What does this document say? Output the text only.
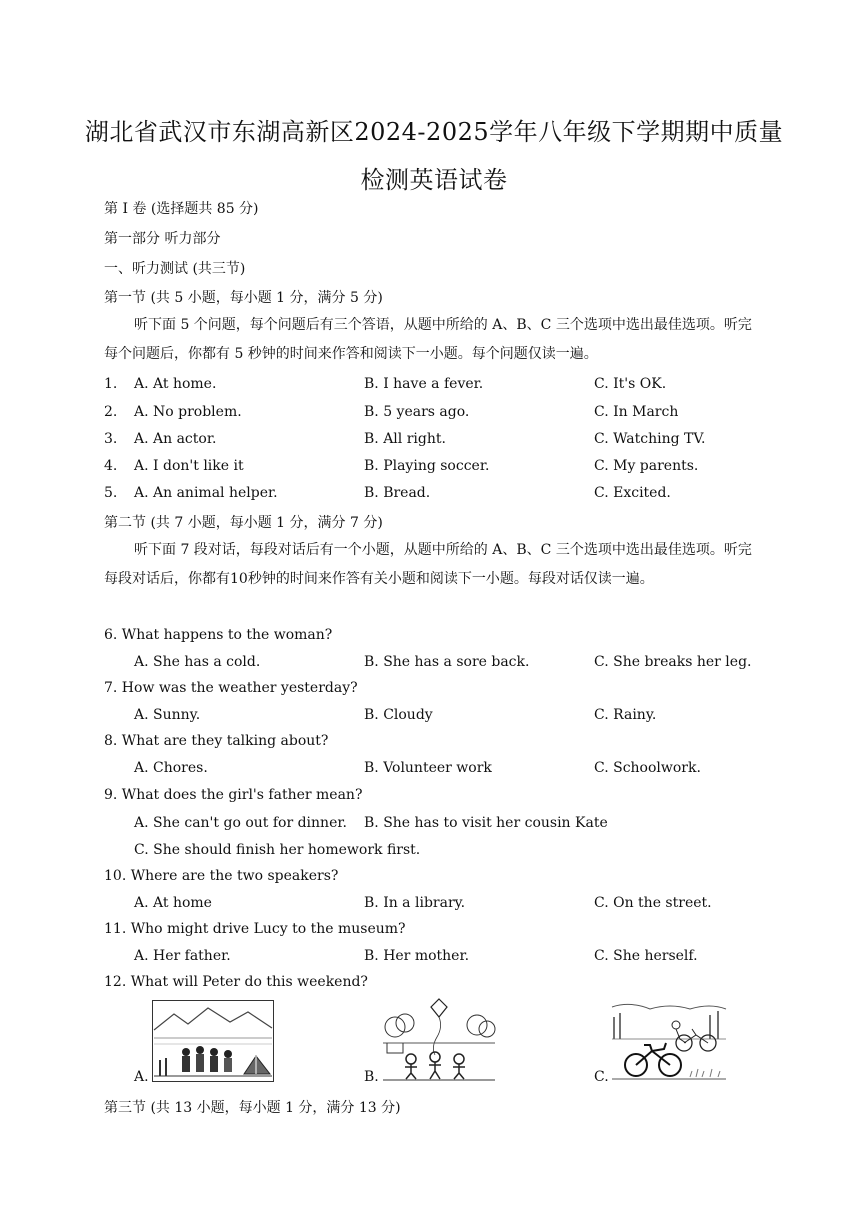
湖北省武汉市东湖高新区2024-2025学年八年级下学期期中质量
检测英语试卷
第 I 卷 (选择题共 85 分)
第一部分 听力部分
一、听力测试 (共三节)
第一节 (共 5 小题，每小题 1 分，满分 5 分)
听下面 5 个问题，每个问题后有三个答语，从题中所给的 A、B、C 三个选项中选出最佳选项。听完每个问题后，你都有 5 秒钟的时间来作答和阅读下一小题。每个问题仅读一遍。
1. A. At home.	B. I have a fever.	C. It's OK.
2. A. No problem.	B. 5 years ago.	C. In March
3. A. An actor.	B. All right.	C. Watching TV.
4. A. I don't like it	B. Playing soccer.	C. My parents.
5. A. An animal helper.	B. Bread.	C. Excited.
第二节 (共 7 小题，每小题 1 分，满分 7 分)
听下面 7 段对话，每段对话后有一个小题，从题中所给的 A、B、C 三个选项中选出最佳选项。听完每段对话后，你都有10秒钟的时间来作答有关小题和阅读下一小题。每段对话仅读一遍。
6. What happens to the woman?
A. She has a cold.	B. She has a sore back.	C. She breaks her leg.
7. How was the weather yesterday?
A. Sunny.	B. Cloudy	C. Rainy.
8. What are they talking about?
A. Chores.	B. Volunteer work	C. Schoolwork.
9. What does the girl's father mean?
A. She can't go out for dinner. B. She has to visit her cousin Kate
C. She should finish her homework first.
10. Where are the two speakers?
A. At home	B. In a library.	C. On the street.
11. Who might drive Lucy to the museum?
A. Her father.	B. Her mother.	C. She herself.
12. What will Peter do this weekend?
A.	B.	C.
第三节 (共 13 小题，每小题 1 分，满分 13 分)
